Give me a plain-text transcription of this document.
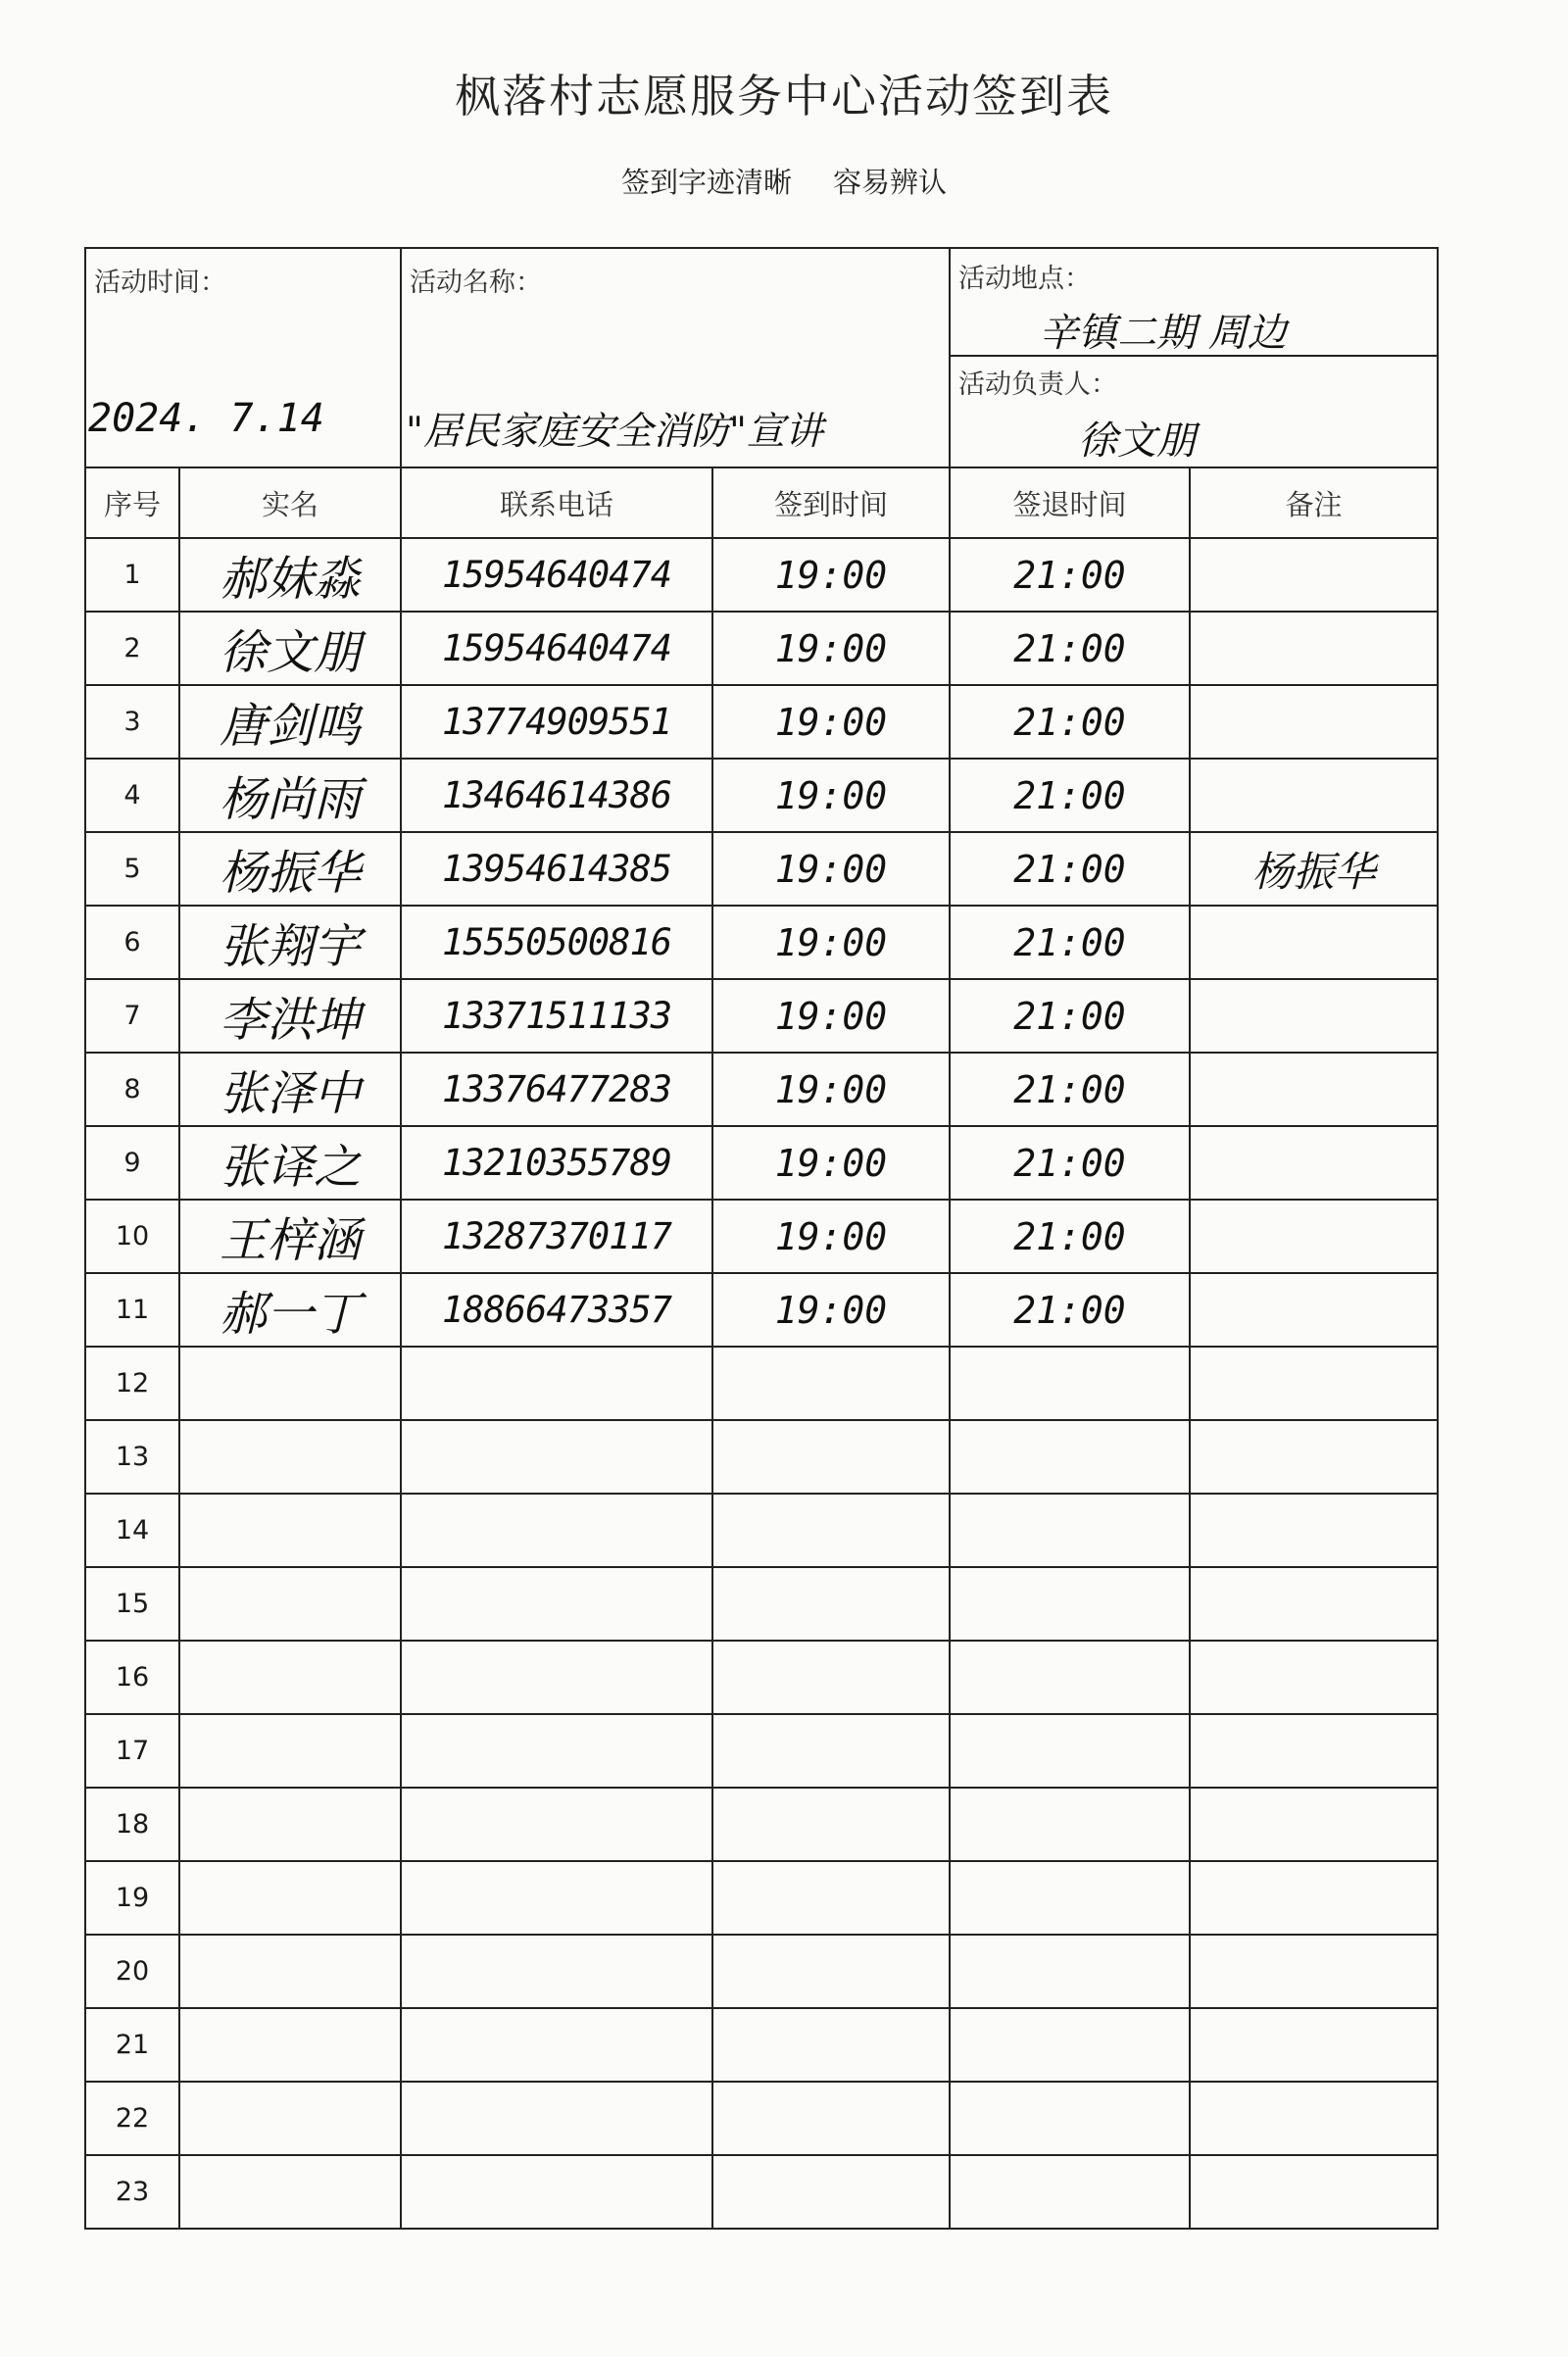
枫落村志愿服务中心活动签到表
签到字迹清晰 容易辨认
活动时间：
2024. 7.14

活动名称：
"居民家庭安全消防"宣讲

活动地点：
辛镇二期 周边

活动负责人：
徐文朋
序号	实名	联系电话	签到时间	签退时间	备注
1	郝妹淼	15954640474	19:00	21:00	
2	徐文朋	15954640474	19:00	21:00	
3	唐剑鸣	13774909551	19:00	21:00	
4	杨尚雨	13464614386	19:00	21:00	
5	杨振华	13954614385	19:00	21:00	杨振华
6	张翔宇	15550500816	19:00	21:00	
7	李洪坤	13371511133	19:00	21:00	
8	张泽中	13376477283	19:00	21:00	
9	张译之	13210355789	19:00	21:00	
10	王梓涵	13287370117	19:00	21:00	
11	郝一丁	18866473357	19:00	21:00	
12					
13					
14					
15					
16					
17					
18					
19					
20					
21					
22					
23					
